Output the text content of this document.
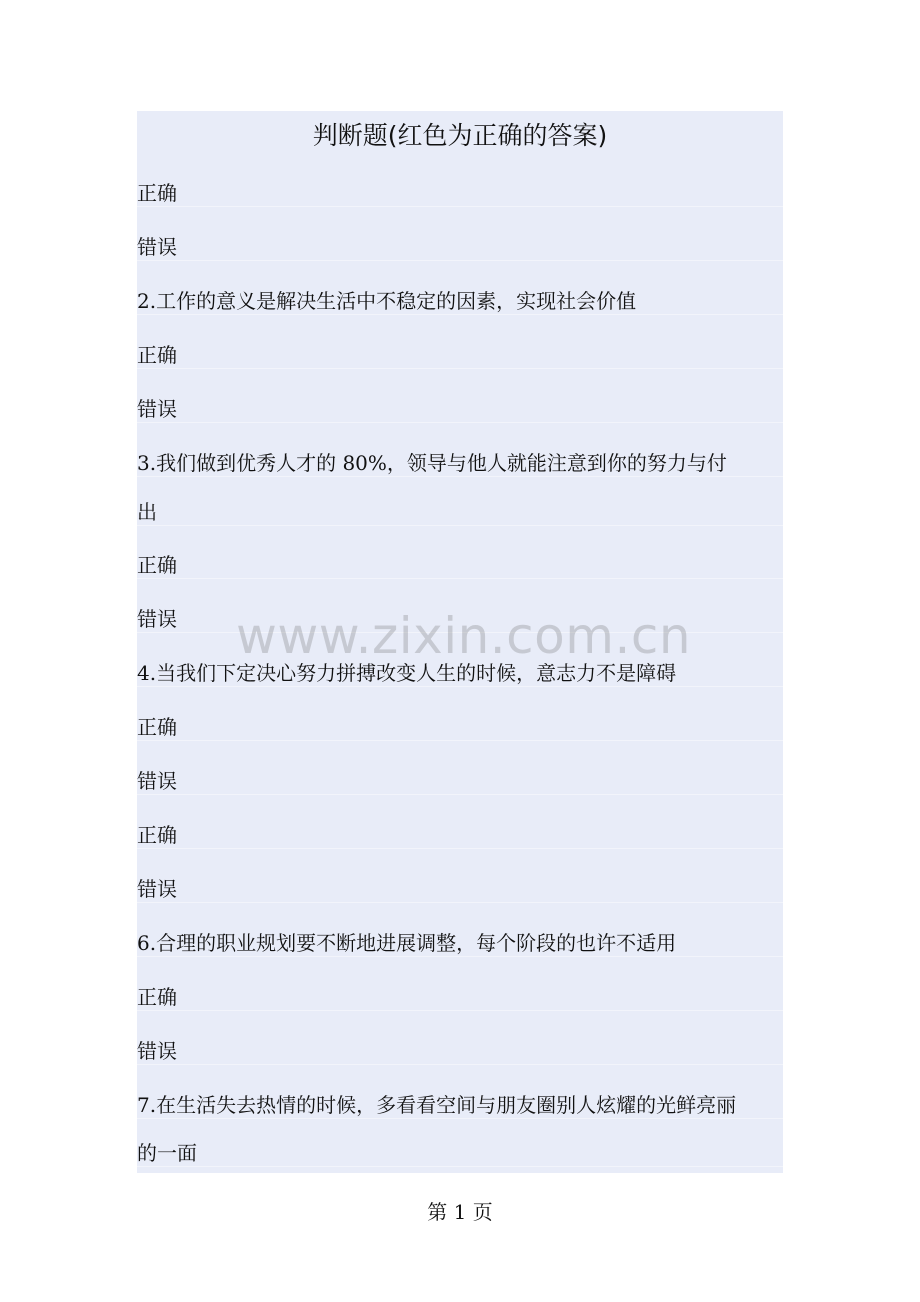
判断题(红色为正确的答案)
正确
错误
2.工作的意义是解决生活中不稳定的因素，实现社会价值
正确
错误
3.我们做到优秀人才的 80%，领导与他人就能注意到你的努力与付
出
正确
错误
4.当我们下定决心努力拼搏改变人生的时候，意志力不是障碍
正确
错误
正确
错误
6.合理的职业规划要不断地进展调整，每个阶段的也许不适用
正确
错误
7.在生活失去热情的时候，多看看空间与朋友圈别人炫耀的光鲜亮丽
的一面
www.zixin.com.cn
第 1 页
